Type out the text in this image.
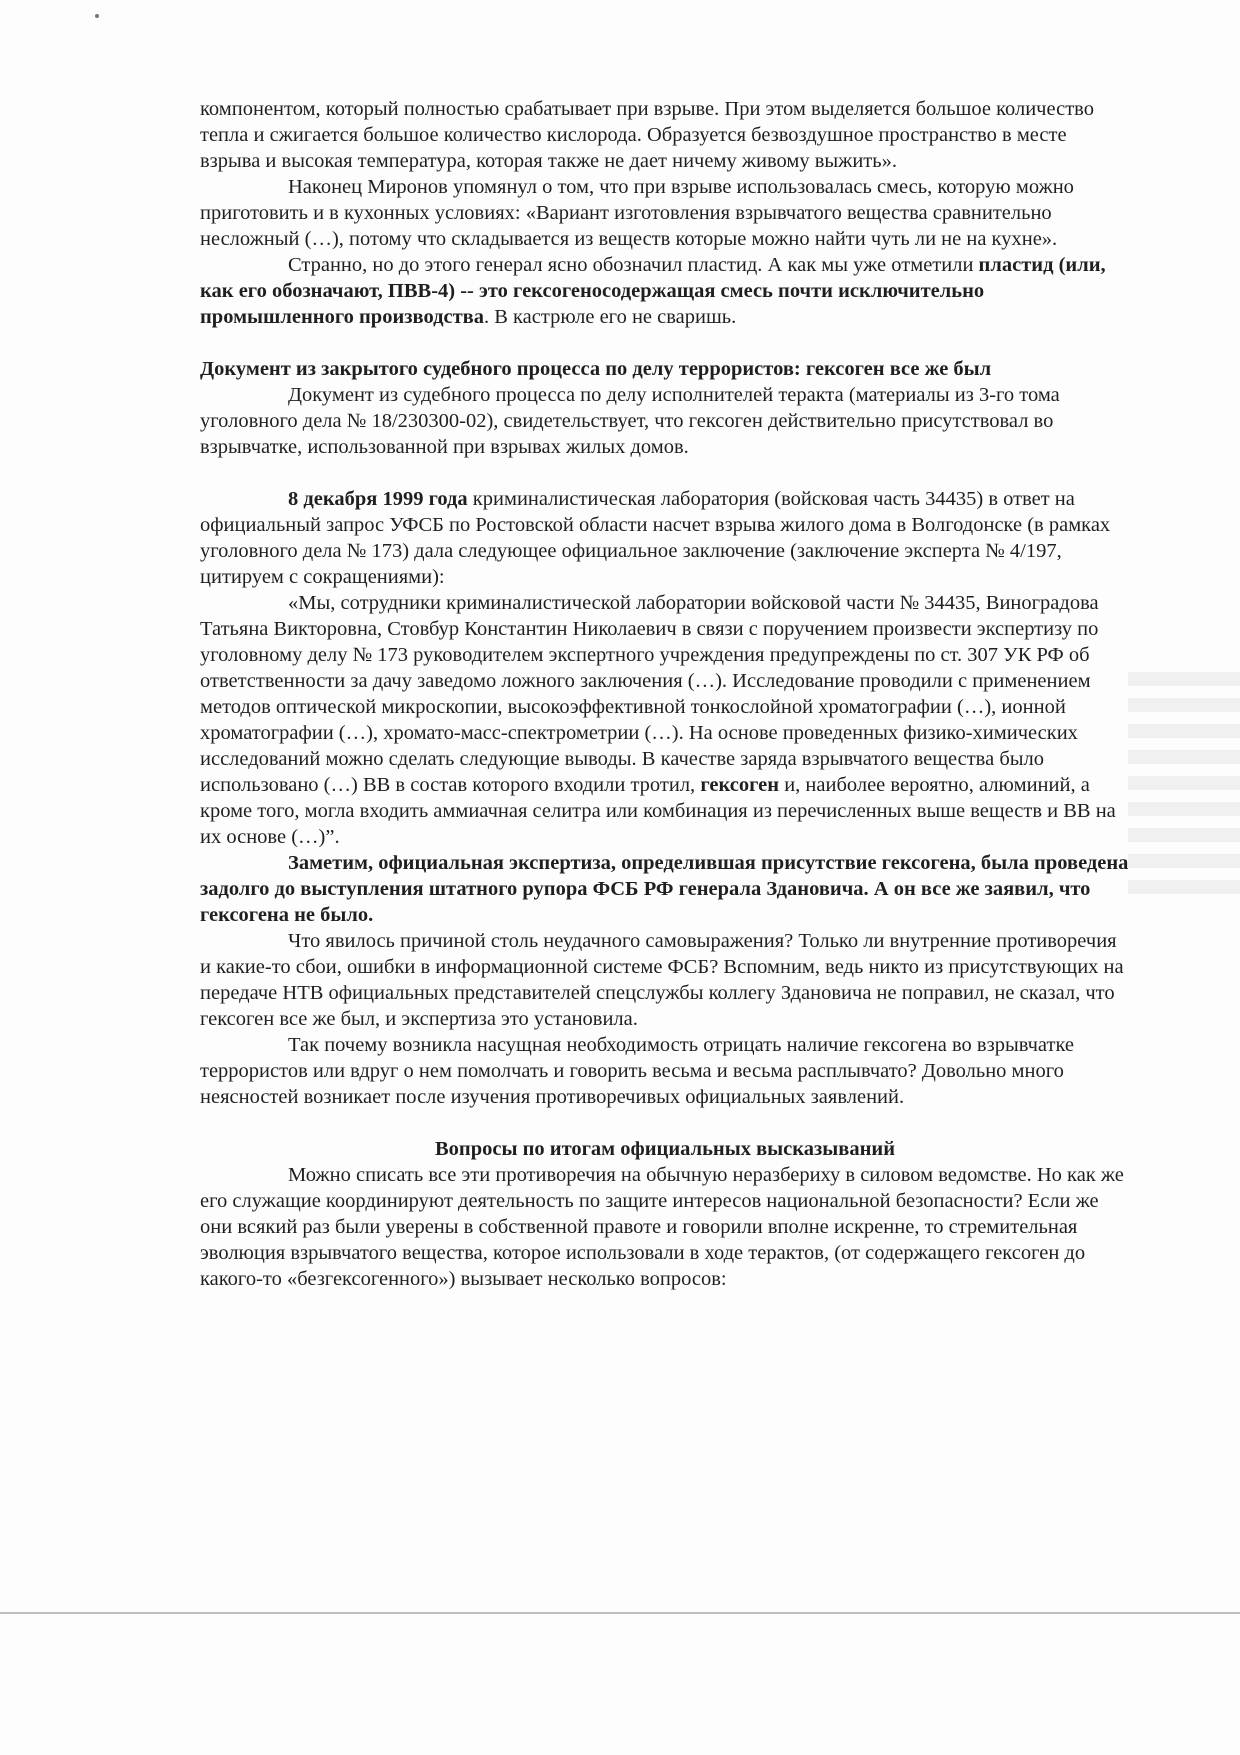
компонентом, который полностью срабатывает при взрыве. При этом выделяется большое количество тепла и сжигается большое количество кислорода. Образуется безвоздушное пространство в месте взрыва и высокая температура, которая также не дает ничему живому выжить».

Наконец Миронов упомянул о том, что при взрыве использовалась смесь, которую можно приготовить и в кухонных условиях: «Вариант изготовления взрывчатого вещества сравнительно несложный (…), потому что складывается из веществ которые можно найти чуть ли не на кухне».

Странно, но до этого генерал ясно обозначил пластид. А как мы уже отметили пластид (или, как его обозначают, ПВВ-4) -- это гексогеносодержащая смесь почти исключительно промышленного производства. В кастрюле его не сваришь.

Документ из закрытого судебного процесса по делу террористов: гексоген все же был

Документ из судебного процесса по делу исполнителей теракта (материалы из 3-го тома уголовного дела № 18/230300-02), свидетельствует, что гексоген действительно присутствовал во взрывчатке, использованной при взрывах жилых домов.

8 декабря 1999 года криминалистическая лаборатория (войсковая часть 34435) в ответ на официальный запрос УФСБ по Ростовской области насчет взрыва жилого дома в Волгодонске (в рамках уголовного дела № 173) дала следующее официальное заключение (заключение эксперта № 4/197, цитируем с сокращениями):

«Мы, сотрудники криминалистической лаборатории войсковой части № 34435, Виноградова Татьяна Викторовна, Стовбур Константин Николаевич в связи с поручением произвести экспертизу по уголовному делу № 173 руководителем экспертного учреждения предупреждены по ст. 307 УК РФ об ответственности за дачу заведомо ложного заключения (…). Исследование проводили с применением методов оптической микроскопии, высокоэффективной тонкослойной хроматографии (…), ионной хроматографии (…), хромато-масс-спектрометрии (…). На основе проведенных физико-химических исследований можно сделать следующие выводы. В качестве заряда взрывчатого вещества было использовано (…) ВВ в состав которого входили тротил, гексоген и, наиболее вероятно, алюминий, а кроме того, могла входить аммиачная селитра или комбинация из перечисленных выше веществ и ВВ на их основе (…)”.

Заметим, официальная экспертиза, определившая присутствие гексогена, была проведена задолго до выступления штатного рупора ФСБ РФ генерала Здановича. А он все же заявил, что гексогена не было.

Что явилось причиной столь неудачного самовыражения? Только ли внутренние противоречия и какие-то сбои, ошибки в информационной системе ФСБ? Вспомним, ведь никто из присутствующих на передаче НТВ официальных представителей спецслужбы коллегу Здановича не поправил, не сказал, что гексоген все же был, и экспертиза это установила.

Так почему возникла насущная необходимость отрицать наличие гексогена во взрывчатке террористов или вдруг о нем помолчать и говорить весьма и весьма расплывчато? Довольно много неясностей возникает после изучения противоречивых официальных заявлений.

Вопросы по итогам официальных высказываний

Можно списать все эти противоречия на обычную неразбериху в силовом ведомстве. Но как же его служащие координируют деятельность по защите интересов национальной безопасности? Если же они всякий раз были уверены в собственной правоте и говорили вполне искренне, то стремительная эволюция взрывчатого вещества, которое использовали в ходе терактов, (от содержащего гексоген до какого-то «безгексогенного») вызывает несколько вопросов:
